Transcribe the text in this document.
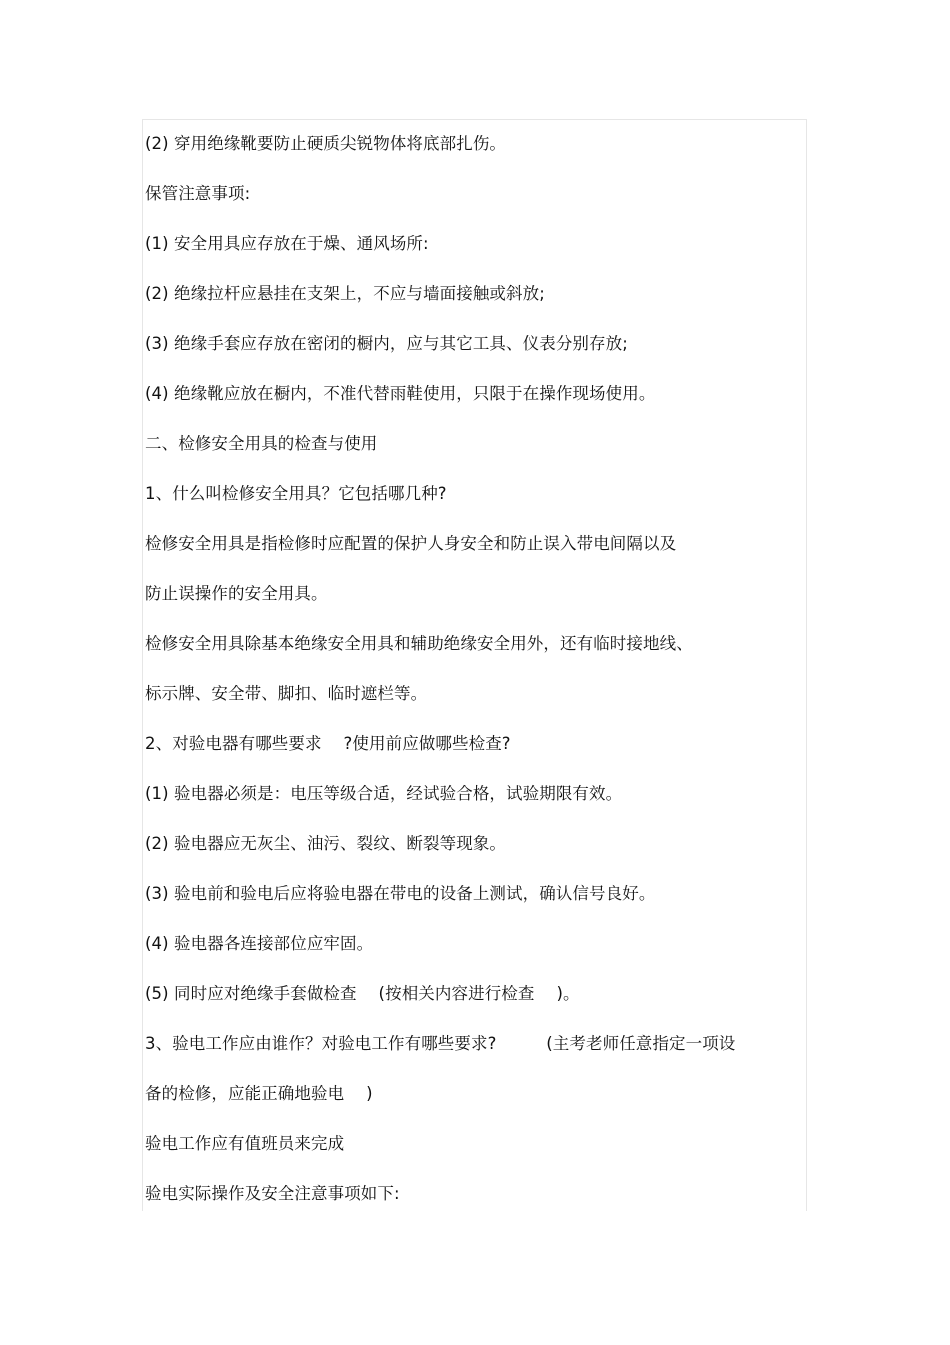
(2) 穿用绝缘靴要防止硬质尖锐物体将底部扎伤。
保管注意事项:
(1) 安全用具应存放在于燥、通风场所:
(2) 绝缘拉杆应悬挂在支架上，不应与墙面接触或斜放;
(3) 绝缘手套应存放在密闭的橱内，应与其它工具、仪表分别存放;
(4) 绝缘靴应放在橱内，不准代替雨鞋使用，只限于在操作现场使用。
二、检修安全用具的检查与使用
1、什么叫检修安全用具？它包括哪几种?
检修安全用具是指检修时应配置的保护人身安全和防止误入带电间隔以及
防止误操作的安全用具。
检修安全用具除基本绝缘安全用具和辅助绝缘安全用外，还有临时接地线、
标示牌、安全带、脚扣、临时遮栏等。
2、对验电器有哪些要求　 ?使用前应做哪些检查?
(1) 验电器必须是：电压等级合适，经试验合格，试验期限有效。
(2) 验电器应无灰尘、油污、裂纹、断裂等现象。
(3) 验电前和验电后应将验电器在带电的设备上测试，确认信号良好。
(4) 验电器各连接部位应牢固。
(5) 同时应对绝缘手套做检查　 (按相关内容进行检查　 )。
3、验电工作应由谁作？对验电工作有哪些要求?　　　(主考老师任意指定一项设
备的检修，应能正确地验电　 )
验电工作应有值班员来完成
验电实际操作及安全注意事项如下:
